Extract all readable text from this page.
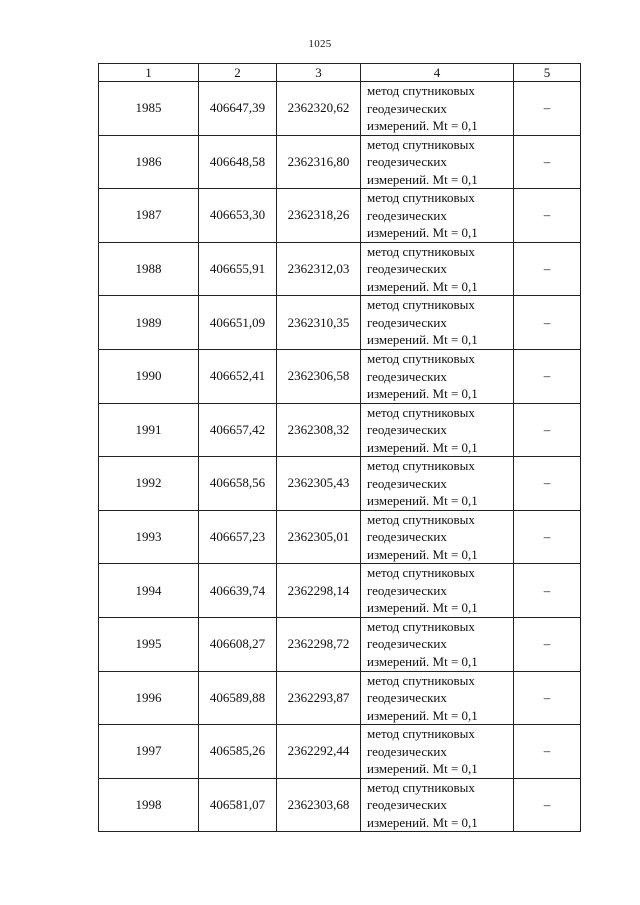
1025
1	2	3	4	5
1985	406647,39	2362320,62	метод спутниковых
геодезических
измерений. Mt = 0,1	–
1986	406648,58	2362316,80	метод спутниковых
геодезических
измерений. Mt = 0,1	–
1987	406653,30	2362318,26	метод спутниковых
геодезических
измерений. Mt = 0,1	–
1988	406655,91	2362312,03	метод спутниковых
геодезических
измерений. Mt = 0,1	–
1989	406651,09	2362310,35	метод спутниковых
геодезических
измерений. Mt = 0,1	–
1990	406652,41	2362306,58	метод спутниковых
геодезических
измерений. Mt = 0,1	–
1991	406657,42	2362308,32	метод спутниковых
геодезических
измерений. Mt = 0,1	–
1992	406658,56	2362305,43	метод спутниковых
геодезических
измерений. Mt = 0,1	–
1993	406657,23	2362305,01	метод спутниковых
геодезических
измерений. Mt = 0,1	–
1994	406639,74	2362298,14	метод спутниковых
геодезических
измерений. Mt = 0,1	–
1995	406608,27	2362298,72	метод спутниковых
геодезических
измерений. Mt = 0,1	–
1996	406589,88	2362293,87	метод спутниковых
геодезических
измерений. Mt = 0,1	–
1997	406585,26	2362292,44	метод спутниковых
геодезических
измерений. Mt = 0,1	–
1998	406581,07	2362303,68	метод спутниковых
геодезических
измерений. Mt = 0,1	–
